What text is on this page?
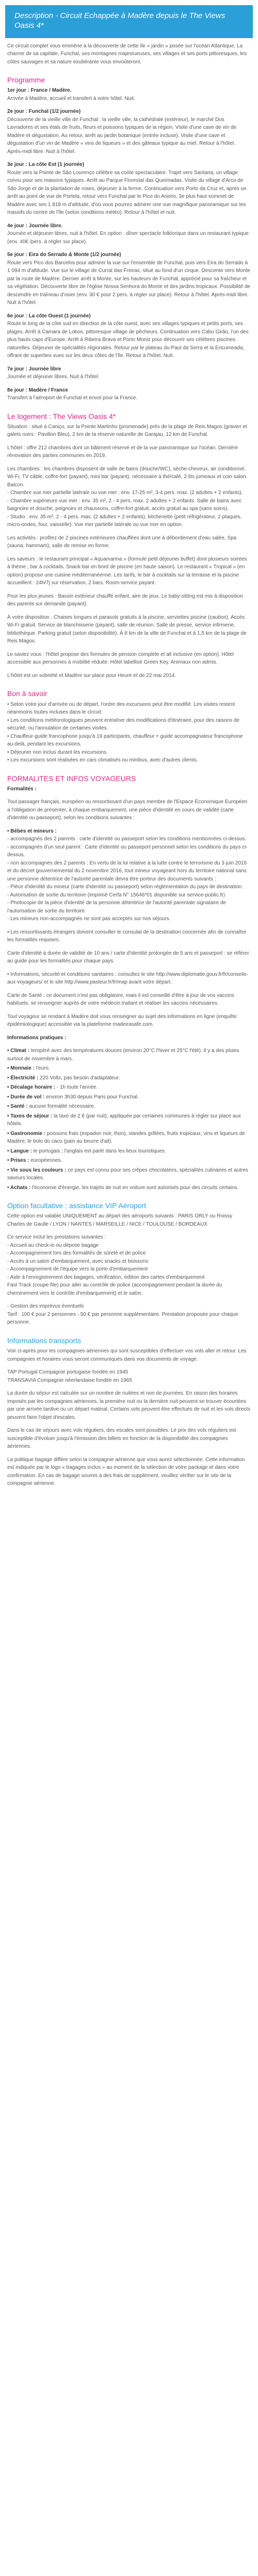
Description - Circuit Echappée à Madère depuis le The Views Oasis 4*

Ce circuit complet vous emmène à la découverte de cette île « jardin » posée sur l'océan Atlantique. La charme de sa capitale, Funchal, ses montagnes majestueuses, ses villages et ses ports pittoresques, les côtes sauvages et sa nature exubérante vous envoûteront.

Programme

1er jour : France / Madère.
Arrivée à Madère, accueil et transfert à votre hôtel. Nuit.

2e jour : Funchal (1/2 journée)
Découverte de la vieille ville de Funchal : la vieille ville, la cathédrale (extérieur), le marché Dos Lavradores et ses étals de fruits, fleurs et poissons typiques de la région. Visite d'une cave de vin de Madère et dégustation. Au retour, arrêt au jardin botanique (entrée incluse). Visite d'une cave et dégustation d'un vin de Madère « vins de liqueurs » et des gâteaux typique au miel. Retour à l'hôtel. Après-midi libre. Nuit à l'hôtel.

3e jour : La côte Est (1 journée)
Route vers la Pointe de São Lourenço célèbre sa coûte spectaculaire. Trajet vers Santana, un village connu pour ses maisons typiques. Arrêt au Parque Florestal das Queimadas. Visite du village d'Arco de São Jorge et de la plantation de roses, déjeuner à la ferme. Continuation vers Porto da Cruz et, après un arrêt au point de vue de Portela, retour vers Funchal par le Pico do Arieiro, 3e plus haut sommet de Madère avec ses 1 818 m d'altitude, d'où vous pourrez admirer une vue magnifique panoramique sur les massifs du centre de l'île (selon conditions météo). Retour à l'hôtel et nuit.

4e jour : Journée libre.
Journée et déjeuner libres, nuit à l'hôtel. En option : dîner spectacle folklorique dans un restaurant typique (env. 40€ /pers. à régler sur place).

5e jour : Eira do Serrado & Monte (1/2 journée)
Route vers Pico dos Barcelos pour admirer la vue sur l'ensemble de Funchal, puis vers Eira do Serrado à 1 094 m d'altitude. Vue sur le village de Curral das Freiras, situé au fond d'un cirque. Descente vers Monte par la route de Madère. Dernier arrêt à Monte, sur les hauteurs de Funchal, apprécié pour sa fraîcheur et sa végétation. Découverte libre de l'église Nossa Senhora do Monte et des jardins tropicaux. Possibilité de descendre en traîneau d'osier (env. 30 € pour 2 pers. à régler sur place). Retour à l'hôtel. Après-midi libre. Nuit à l'hôtel.

6e jour : La côte Ouest (1 journée)
Route le long de la côte sud en direction de la côte ouest, avec ses villages typiques et petits ports, ses plages. Arrêt à Camara de Lobos, pittoresque village de pêcheurs. Continuation vers Cabo Girão, l'un des plus hauts caps d'Europe. Arrêt à Ribeira Brava et Porto Moniz pour découvrir ses célèbres piscines naturelles. Déjeuner de spécialités régionales. Retour par le plateau du Paul da Serra et la Encumeada, offrant de superbes vues sur les deux côtes de l'île. Retour à l'hôtel. Nuit.

7e jour : Journée libre
Journée et déjeuner libres. Nuit à l'hôtel.

8e jour : Madère / France
Transfert à l'aéroport de Funchal et envol pour la France.

Le logement : The Views Oasis 4*

Situation : situé à Caniço, sur la Pointe Martinho (promenade) près de la plage de Reis Magos (gravier et galets noirs : Pavillon Bleu), 2 km de la réserve naturelle de Garajau, 12 km de Funchal.

L'hôtel : offre 212 chambres dont un bâtiment réservé et de la vue panoramique sur l'océan. Dernière rénovation des parties communes en 2019.

Les chambres : les chambres disposent de salle de bains (douche/WC), sèche-cheveux, air conditionné, Wi-Fi, TV câble, coffre-fort (payant), mini bar (payant), nécessaire à thé/café, 2 lits jumeaux et coin salon. Balcon.
- Chambre vue mer partielle latérale ou vue mer : env. 17-25 m², 3-4 pers. max. (2 adultes + 2 enfants).
- Chambre supérieure vue mer : env. 35 m², 2 - 4 pers. max. 2 adultes + 2 enfants. Salle de bains avec baignoire et douche, peignoirs et chaussons, coffre-fort gratuit, accès gratuit au spa (sans soins).
- Studio : env. 35 m², 2 - 4 pers. max. (2 adultes + 2 enfants), kitchenette (petit réfrigérateur, 2 plaques, micro-ondes, four, vaisselle). Vue mer partielle latérale ou vue mer en option.

Les activités : profitez de 2 piscines extérieures chauffées dont une à débordement d'eau salée, Spa (sauna, hammam), salle de remise en forme.

Les saveurs : le restaurant principal « Aquamarina » (formule petit déjeuner buffet) dont plusieurs soirées à thème ; bar à cocktails. Snack-bar en bord de piscine (en haute saison). Le restaurant « Tropical » (en option) propose une cuisine méditerranéenne. Les tarifs, le bar à cocktails sur la terrasse et la piscine accueillent : 24h/7j sur réservation, 2 bars. Room-service payant.

Pour les plus jeunes : Bassin extérieur chauffé enfant, aire de jeux. Le baby-sitting est mis à disposition des parents sur demande (payant).

À votre disposition : Chaises longues et parasols gratuits à la piscine, serviettes piscine (caution). Accès Wi-Fi gratuit. Service de blanchisserie (payant), salle de réunion. Salle de presse, service infirmerie, bibliothèque. Parking gratuit (selon disponibilité). À 8 km de la ville de Funchal et à 1,5 km de la plage de Reis Magos.

Le saviez vous : l'hôtel propose des formules de pension complète et all inclusive (en option). Hôtel accessible aux personnes à mobilité réduite. Hôtel labellisé Green Key. Animaux non admis.

L'hôtel est un sobriété et Madère sur place pour Heure et de 22 mai 2014.

Bon à savoir

• Selon votre jour d'arrivée ou de départ, l'ordre des excursions peut être modifié. Les visites restent néanmoins toutes incluses dans le circuit.
• Les conditions météorologiques peuvent entraîner des modifications d'itinéraire, pour des raisons de sécurité, ou l'annulation de certaines visites.
• Chauffeur-guide francophone jusqu'à 19 participants, chauffeur + guide accompagnateur francophone au-delà, pendant les excursions.
• Déjeuner non inclus durant les excursions.
• Les excursions sont réalisées en cars climatisés ou minibus, avec d'autres clients.

FORMALITES ET INFOS VOYAGEURS

Formalités :

Tout passager français, européen ou ressortissant d'un pays membre de l'Espace Économique Européen a l'obligation de présenter, à chaque embarquement, une pièce d'identité en cours de validité (carte d'identité ou passeport), selon les conditions suivantes :

• Bébés et mineurs :
- accompagnés des 2 parents : carte d'identité ou passeport selon les conditions mentionnées ci-dessus.
- accompagnés d'un seul parent : Carte d'identité ou passeport personnel selon les conditions du pays ci-dessus.
- non accompagnés des 2 parents : En vertu de la loi relative à la lutte contre le terrorisme du 3 juin 2016 et du décret gouvernemental du 2 novembre 2016, tout mineur voyageant hors du territoire national sans une personne détentrice de l'autorité parentale devra être porteur des documents suivants :
- Pièce d'identité du mineur (carte d'identité ou passeport) selon réglementation du pays de destination.
- Autorisation de sortie du territoire (imprimé Cerfa N° 15646*01 disponible sur service-public.fr)
- Photocopie de la pièce d'identité de la personne détentrice de l'autorité parentale signataire de l'autorisation de sortie du territoire
- Les mineurs non-accompagnés ne sont pas acceptés sur nos séjours.

• Les ressortissants étrangers doivent consulter le consulat de la destination concernée afin de connaître les formalités requises.

Carte d'identité à durée de validité de 10 ans / carte d'identité prolongée de 5 ans et passeport : se référer au guide pour les formalités pour chaque pays.

• Informations, sécurité et conditions sanitaires : consultez le site http://www.diplomatie.gouv.fr/fr/conseils-aux-voyageurs/ et le site http://www.pasteur.fr/fr/map avant votre départ.

Carte de Santé : ce document n'est pas obligatoire, mais il est conseillé d'être à jour de vos vaccins habituels, se renseigner auprès de votre médecin traitant et réaliser les vaccins nécessaires.

Tout voyageur se rendant à Madère doit vous renseigner au sujet des informations en ligne (enquête épidémiologique) accessible via la plateforme madeirasafe.com.

Informations pratiques :

• Climat : tempéré avec des températures douces (environ 20°C l'hiver et 25°C l'été). Il y a des pluies surtout de novembre à mars.
• Monnaie : l'euro.
• Électricité : 220 Volts, pas besoin d'adaptateur.
• Décalage horaire : - 1h toute l'année.
• Durée de vol : environ 3h30 depuis Paris pour Funchal.
• Santé : aucune formalité nécessaire.
• Taxes de séjour : la taxe de 2 € (par nuit), appliquée par certaines communes à régler sur place aux hôtels.
• Gastronomie : poissons frais (espadon noir, thon), viandes grillées, fruits tropicaux, vins et liqueurs de Madère, le bolo do caco (pain au beurre d'ail).
• Langue : le portugais ; l'anglais est parlé dans les lieux touristiques.
• Prises : européennes.
• Vie sous les couleurs : ce pays est connu pour ses crêpes chocolatées, spécialités culinaires et autres saveurs locales.
• Achats : l'économie d'énergie, les trajets de nuit en voiture sont autorisés pour des circuits certains.
Option facultative : assistance VIP Aéroport

Cette option est valable UNIQUEMENT au départ des aéroports suivants : PARIS ORLY ou Roissy Charles de Gaulle / LYON / NANTES / MARSEILLE / NICE / TOULOUSE / BORDEAUX

Ce service inclut les prestations suivantes :
- Accueil au check-in ou dépose bagage
- Accompagnement lors des formalités de sûreté et de police
- Accès à un salon d'embarquement, avec snacks et boissons
- Accompagnement de l'équipe vers la porte d'embarquement
- Aide à l'enregistrement des bagages, vérification, édition des cartes d'embarquement
Fast Track (coupe-file) pour aller au contrôle de police (accompagnement pendant la durée du cheminement vers le contrôle d'embarquement) et le salon.

- Gestion des imprévus éventuels
Tarif : 100 € pour 2 personnes - 50 € par personne supplémentaire. Prestation proposée pour chaque personne.

Informations transports

Voir ci-après pour les compagnies aériennes qui sont susceptibles d'effectuer vos vols aller et retour. Les compagnies et horaires vous seront communiqués dans vos documents de voyage.

TAP Portugal Compagnie portugaise fondée en 1945
TRANSAVIA Compagnie néerlandaise fondée en 1965

La durée du séjour est calculée sur un nombre de nuitées et non de journées. En raison des horaires imposés par les compagnies aériennes, la première nuit ou la dernière nuit peuvent se trouver écourtées par une arrivée tardive ou un départ matinal. Certains vols peuvent être effectués de nuit et les vols directs peuvent faire l'objet d'escales.

Dans le cas de séjours avec vols réguliers, des escales sont possibles. Le prix des vols réguliers est susceptible d'évoluer jusqu'à l'émission des billets en fonction de la disponibilité des compagnies aériennes.

La politique bagage diffère selon la compagnie aérienne que vous aurez sélectionnée. Cette information est indiquée par le logo « bagages inclus » au moment de la sélection de votre package et dans votre confirmation. En cas de bagage soumis à des frais de supplément, veuillez vérifier sur le site de la compagnie aérienne.
